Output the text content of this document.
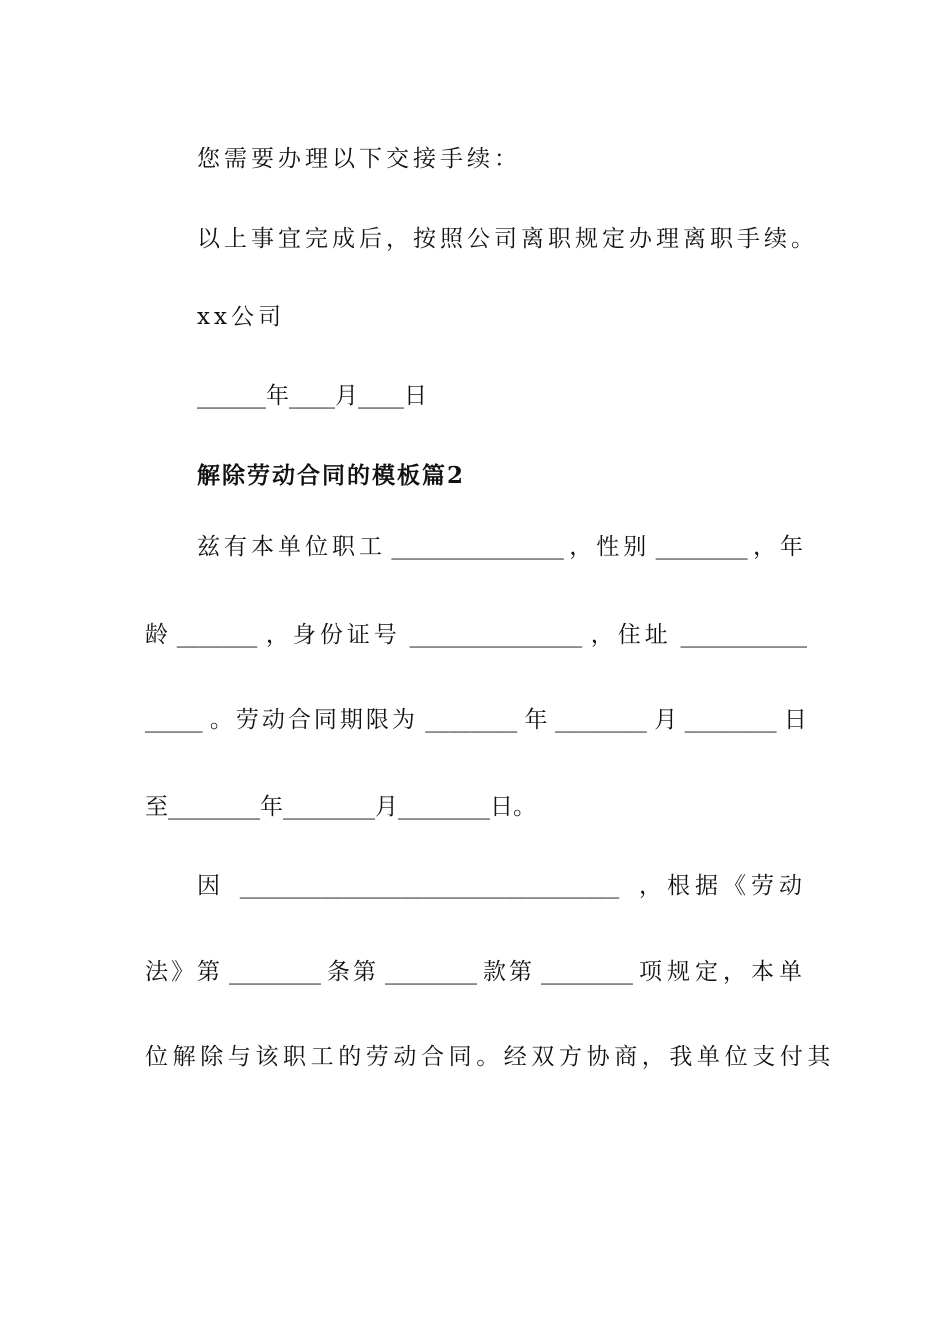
您需要办理以下交接手续：
以上事宜完成后，按照公司离职规定办理离职手续。
xx公司
______年____月____日
解除劳动合同的模板篇2
兹有本单位职工 _______________ ，性别 ________ ，年
龄 _______ ，身份证号 _______________ ，住址 ___________
_____ 。劳动合同期限为 ________ 年 ________ 月 ________ 日
至________年________月________日。
因 _________________________________ ，根据《劳动
法》第 ________ 条第 ________ 款第 ________ 项规定，本单
位解除与该职工的劳动合同。经双方协商，我单位支付其
